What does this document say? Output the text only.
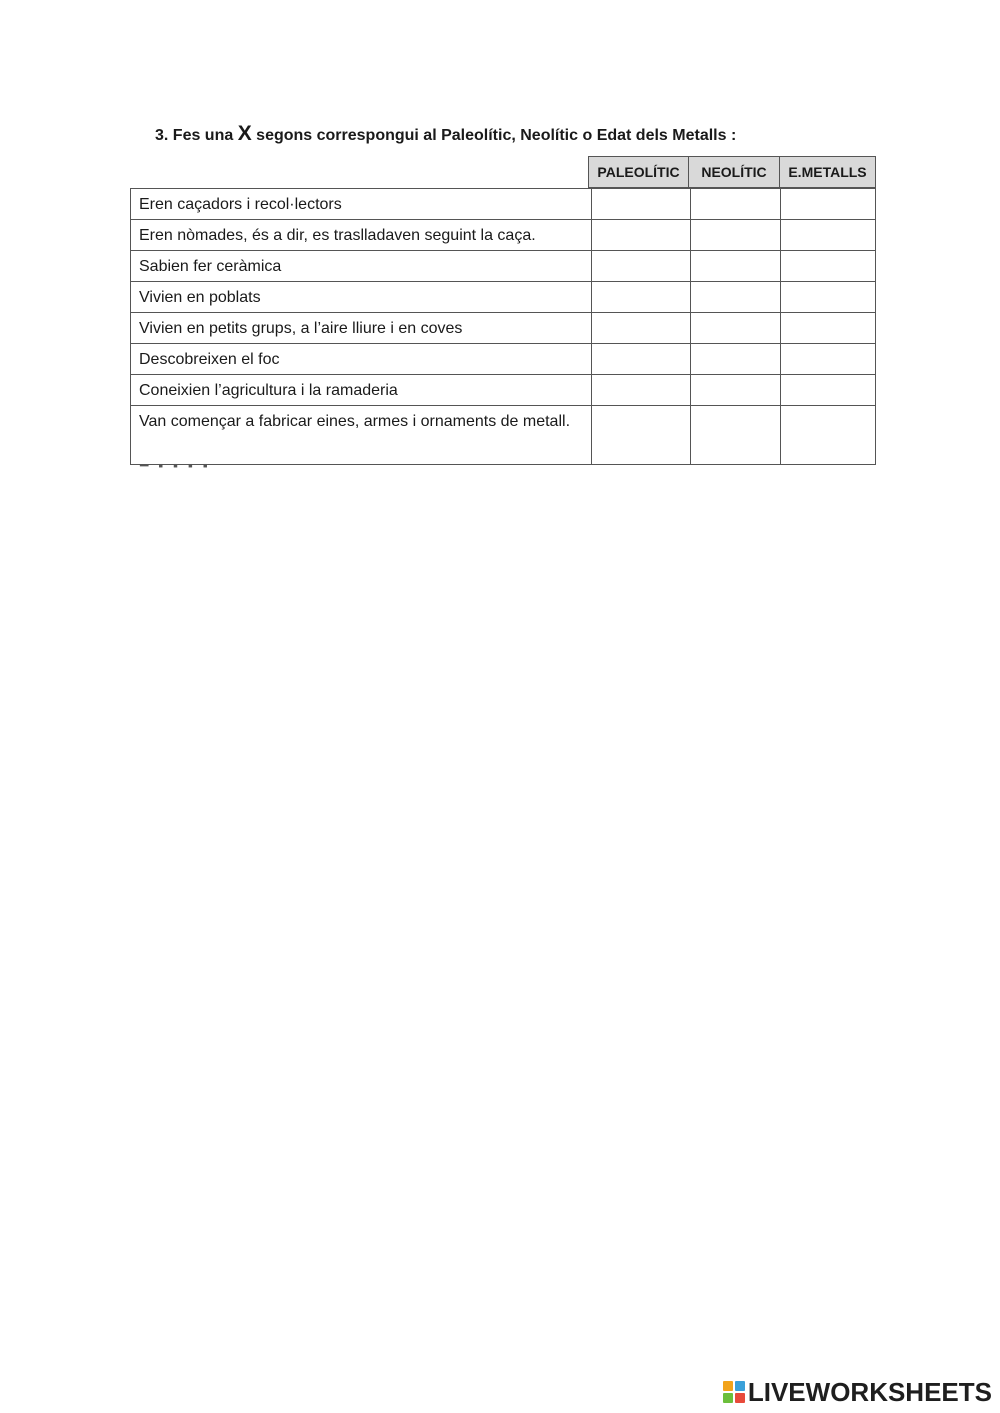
3. Fes una X segons correspongui al Paleolític, Neolític o Edat dels Metalls :
PALEOLÍTIC	NEOLÍTIC	E.METALLS
Eren caçadors i recol·lectors			
Eren nòmades, és a dir, es traslladaven seguint la caça.			
Sabien fer ceràmica			
Vivien en poblats			
Vivien en petits grups, a l’aire lliure i en coves			
Descobreixen el foc			
Coneixien l’agricultura i la ramaderia			
Van començar a fabricar eines, armes i ornaments de metall.			
━ ▪ ▪ ▪ ▪
LIVEWORKSHEETS
